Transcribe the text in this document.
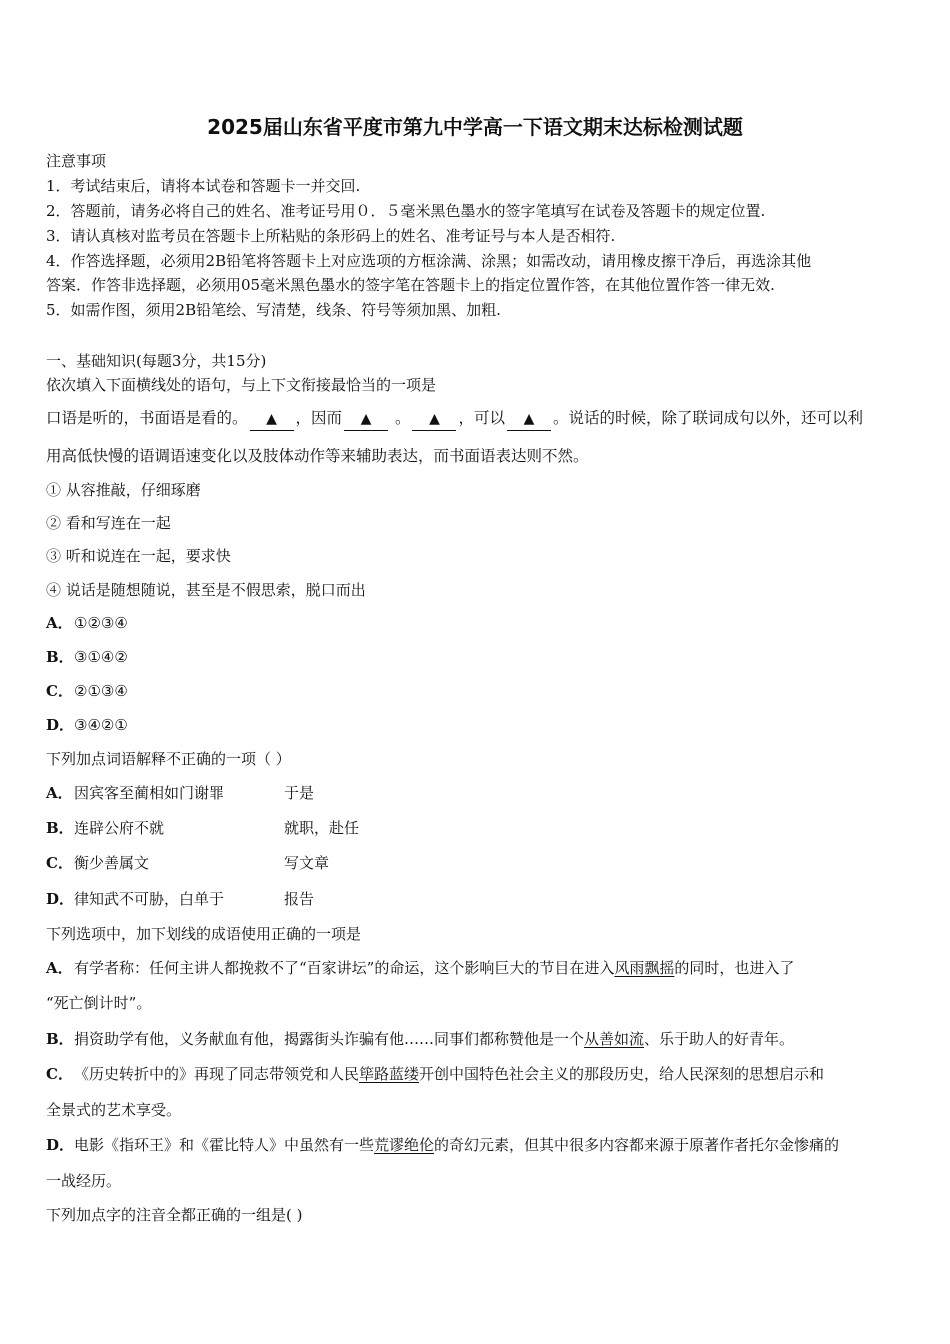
2025届山东省平度市第九中学高一下语文期末达标检测试题
注意事项
1．考试结束后，请将本试卷和答题卡一并交回.
2．答题前，请务必将自己的姓名、准考证号用０．５毫米黑色墨水的签字笔填写在试卷及答题卡的规定位置.
3．请认真核对监考员在答题卡上所粘贴的条形码上的姓名、准考证号与本人是否相符.
4．作答选择题，必须用2B铅笔将答题卡上对应选项的方框涂满、涂黑；如需改动，请用橡皮擦干净后，再选涂其他
答案．作答非选择题，必须用05毫米黑色墨水的签字笔在答题卡上的指定位置作答，在其他位置作答一律无效.
5．如需作图，须用2B铅笔绘、写清楚，线条、符号等须加黑、加粗.
一、基础知识(每题3分，共15分)
依次填入下面横线处的语句，与上下文衔接最恰当的一项是
口语是听的，书面语是看的。 ▲ ，因而 ▲ 。 ▲ ，可以 ▲ 。说话的时候，除了联词成句以外，还可以利
用高低快慢的语调语速变化以及肢体动作等来辅助表达，而书面语表达则不然。
① 从容推敲，仔细琢磨
② 看和写连在一起
③ 听和说连在一起，要求快
④ 说话是随想随说，甚至是不假思索，脱口而出
A．①②③④
B．③①④②
C．②①③④
D．③④②①
下列加点词语解释不正确的一项（ ）
A．因宾客至蔺相如门谢罪	于是
B．连辟公府不就	就职，赴任
C．衡少善属文	写文章
D．律知武不可胁，白单于	报告
下列选项中，加下划线的成语使用正确的一项是
A．有学者称：任何主讲人都挽救不了“百家讲坛”的命运，这个影响巨大的节目在进入风雨飘摇的同时，也进入了
“死亡倒计时”。
B．捐资助学有他，义务献血有他，揭露街头诈骗有他……同事们都称赞他是一个从善如流、乐于助人的好青年。
C．《历史转折中的》再现了同志带领党和人民筚路蓝缕开创中国特色社会主义的那段历史，给人民深刻的思想启示和
全景式的艺术享受。
D．电影《指环王》和《霍比特人》中虽然有一些荒谬绝伦的奇幻元素，但其中很多内容都来源于原著作者托尔金惨痛的
一战经历。
下列加点字的注音全都正确的一组是( )
